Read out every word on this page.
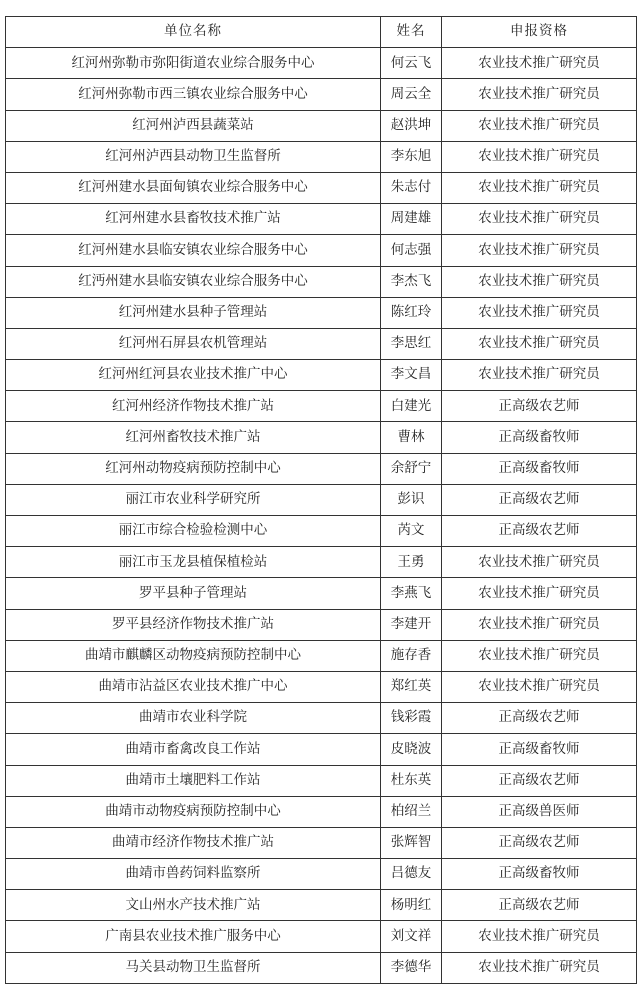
单位名称	姓名	申报资格
红河州弥勒市弥阳街道农业综合服务中心	何云飞	农业技术推广研究员
红河州弥勒市西三镇农业综合服务中心	周云全	农业技术推广研究员
红河州泸西县蔬菜站	赵洪坤	农业技术推广研究员
红河州泸西县动物卫生监督所	李东旭	农业技术推广研究员
红河州建水县面甸镇农业综合服务中心	朱志付	农业技术推广研究员
红河州建水县畜牧技术推广站	周建雄	农业技术推广研究员
红河州建水县临安镇农业综合服务中心	何志强	农业技术推广研究员
红沔州建水县临安镇农业综合服务中心	李杰飞	农业技术推广研究员
红河州建水县种子管理站	陈红玲	农业技术推广研究员
红河州石屏县农机管理站	李思红	农业技术推广研究员
红河州红河县农业技术推广中心	李文昌	农业技术推广研究员
红河州经济作物技术推广站	白建光	正高级农艺师
红河州畜牧技术推广站	曹林	正高级畜牧师
红河州动物疫病预防控制中心	余舒宁	正高级畜牧师
丽江市农业科学研究所	彭识	正高级农艺师
丽江市综合检验检测中心	芮文	正高级农艺师
丽江市玉龙县植保植检站	王勇	农业技术推广研究员
罗平县种子管理站	李燕飞	农业技术推广研究员
罗平县经济作物技术推广站	李建开	农业技术推广研究员
曲靖市麒麟区动物疫病预防控制中心	施存香	农业技术推广研究员
曲靖市沾益区农业技术推广中心	郑红英	农业技术推广研究员
曲靖市农业科学院	钱彩霞	正高级农艺师
曲靖市畜禽改良工作站	皮晓波	正高级畜牧师
曲靖市土壤肥料工作站	杜东英	正高级农艺师
曲靖市动物疫病预防控制中心	柏绍兰	正高级兽医师
曲靖市经济作物技术推广站	张辉智	正高级农艺师
曲靖市兽药饲料监察所	吕德友	正高级畜牧师
文山州水产技术推广站	杨明红	正高级农艺师
广南县农业技术推广服务中心	刘文祥	农业技术推广研究员
马关县动物卫生监督所	李德华	农业技术推广研究员
